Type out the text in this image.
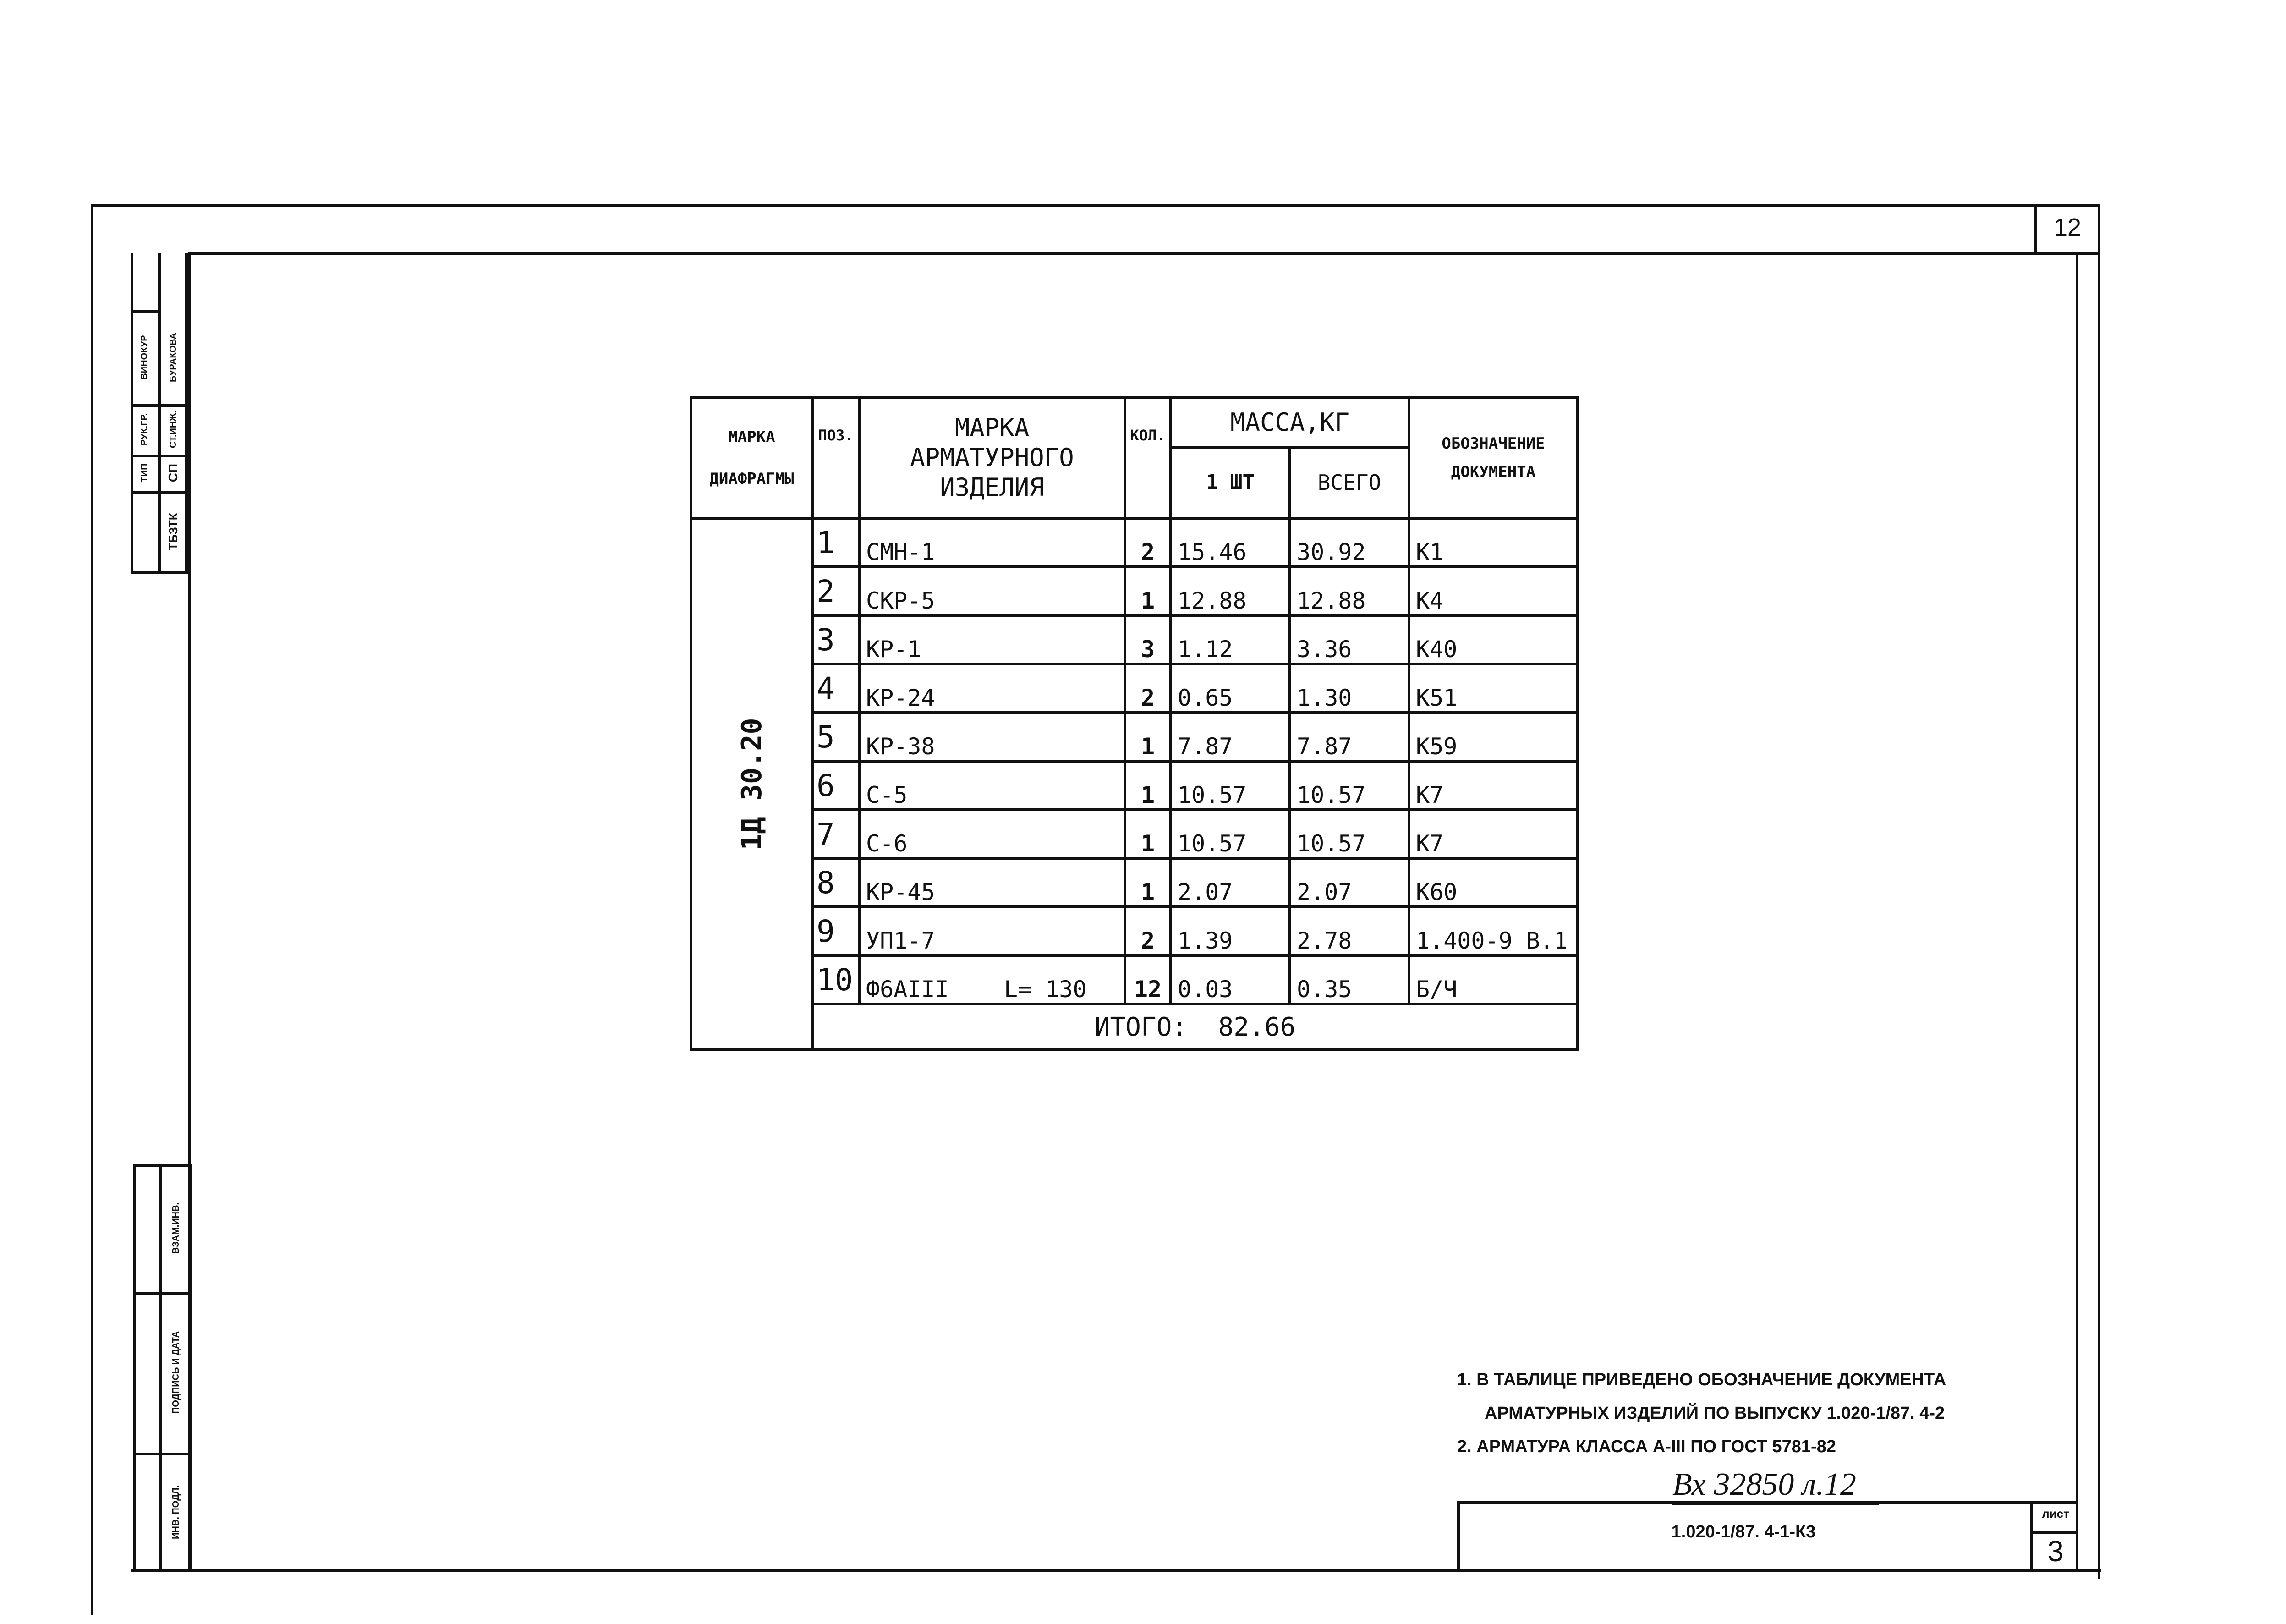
12
ВИНОКУР БУРАКОВА
РУК.ГР. СТ.ИНЖ.
ТИП СП
ТБЗТК
ВЗАМ.ИНВ.
ПОДПИСЬ И ДАТА
ИНВ. ПОДЛ.
МАРКА
ДИАФРАГМЫ	ПОЗ.	МАРКА АРМАТУРНОГО ИЗДЕЛИЯ	КОЛ.	МАССА,КГ		ОБОЗНАЧЕНИЕ ДОКУМЕНТА
				1 ШТ	ВСЕГО	

1Д 30.20	1	СМН-1	2	15.46	30.92	К1
	2	СКР-5	1	12.88	12.88	К4
	3	КР-1	3	1.12	3.36	К40
	4	КР-24	2	0.65	1.30	К51
	5	КР-38	1	7.87	7.87	К59
	6	С-5	1	10.57	10.57	К7
	7	С-6	1	10.57	10.57	К7
	8	КР-45	1	2.07	2.07	К60
	9	УП1-7	2	1.39	2.78	1.400-9 В.1
	10	Ф6АIII    L= 130	12	0.03	0.35	Б/Ч
	ИТОГО: 82.66					
1. В ТАБЛИЦЕ ПРИВЕДЕНО ОБОЗНАЧЕНИЕ ДОКУМЕНТА
АРМАТУРНЫХ ИЗДЕЛИЙ ПО ВЫПУСКУ 1.020-1/87. 4-2
2. АРМАТУРА КЛАССА А-III ПО ГОСТ 5781-82
Вх 32850 л.12
лист
3
1.020-1/87. 4-1-К3
